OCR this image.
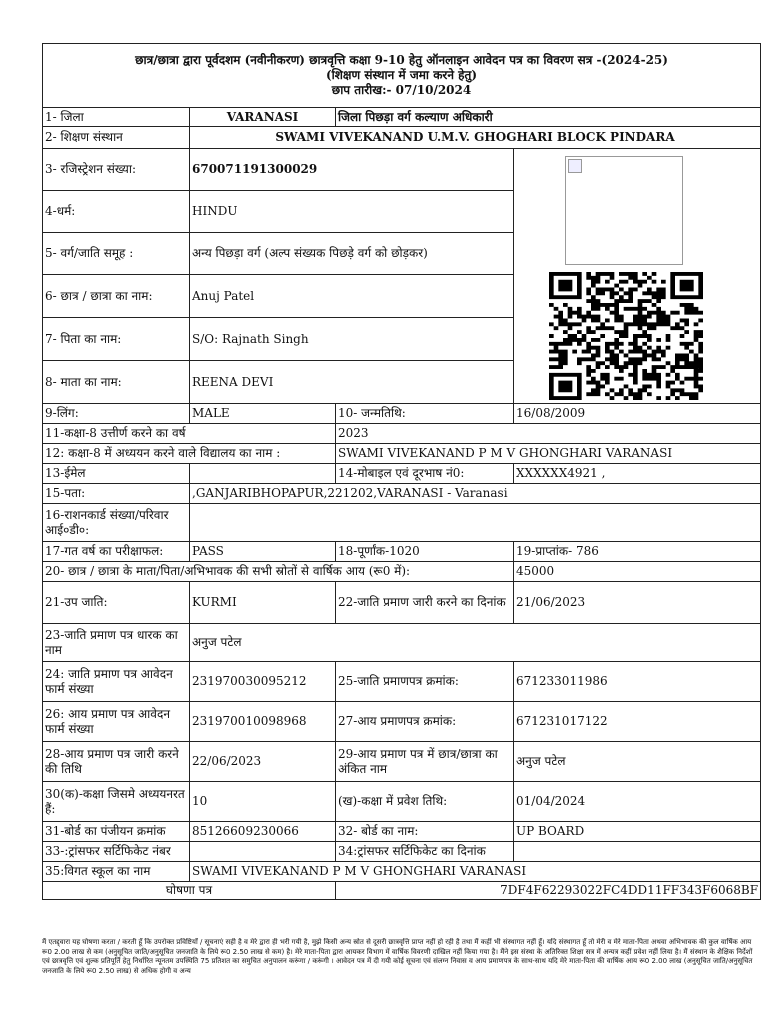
छात्र/छात्रा द्वारा पूर्वदशम (नवीनीकरण) छात्रवृत्ति कक्षा 9-10 हेतु ऑनलाइन आवेदन पत्र का विवरण सत्र -(2024-25)
(शिक्षण संस्थान में जमा करने हेतु)
छाप तारीख:- 07/10/2024			

1- जिला	VARANASI	जिला पिछड़ा वर्ग कल्याण अधिकारी	
2- शिक्षण संस्थान	SWAMI VIVEKANAND U.M.V. GHOGHARI BLOCK PINDARA		
3- रजिस्ट्रेशन संख्या:	670071191300029	

4-धर्म:	HINDU		
5- वर्ग/जाति समूह :	अन्य पिछड़ा वर्ग (अल्प संख्यक पिछड़े वर्ग को छोड़कर)		
6- छात्र / छात्रा का नाम:	Anuj Patel		
7- पिता का नाम:	S/O: Rajnath Singh		
8- माता का नाम:	REENA DEVI		
9-लिंग:	MALE	10- जन्मतिथि:	16/08/2009
11-कक्षा-8 उत्तीर्ण करने का वर्ष		2023	
12: कक्षा-8 में अध्ययन करने वाले विद्यालय का नाम :		SWAMI VIVEKANAND P M V GHONGHARI VARANASI	
13-ईमेल		14-मोबाइल एवं दूरभाष नं0:	XXXXXX4921 ,
15-पता:	,GANJARIBHOPAPUR,221202,VARANASI - Varanasi		
16-राशनकार्ड संख्या/परिवार आई०डी०:			
17-गत वर्ष का परीक्षाफल:	PASS	18-पूर्णांक-1020	19-प्राप्तांक- 786
20- छात्र / छात्रा के माता/पिता/अभिभावक की सभी स्रोतों से वार्षिक आय (रू0 में):			45000
21-उप जाति:	KURMI	22-जाति प्रमाण जारी करने का दिनांक	21/06/2023
23-जाति प्रमाण पत्र धारक का नाम	अनुज पटेल		
24: जाति प्रमाण पत्र आवेदन फार्म संख्या	231970030095212	25-जाति प्रमाणपत्र क्रमांक:	671233011986
26: आय प्रमाण पत्र आवेदन फार्म संख्या	231970010098968	27-आय प्रमाणपत्र क्रमांक:	671231017122
28-आय प्रमाण पत्र जारी करने की तिथि	22/06/2023	29-आय प्रमाण पत्र में छात्र/छात्रा का अंकित नाम	अनुज पटेल
30(क)-कक्षा जिसमे अध्ययनरत हैं:	10	(ख)-कक्षा में प्रवेश तिथि:	01/04/2024
31-बोर्ड का पंजीयन क्रमांक	85126609230066	32- बोर्ड का नाम:	UP BOARD
33-:ट्रांसफर सर्टिफिकेट नंबर		34:ट्रांसफर सर्टिफिकेट का दिनांक	
35:विगत स्कूल का नाम	SWAMI VIVEKANAND P M V GHONGHARI VARANASI		
घोषणा पत्र		7DF4F62293022FC4DD11FF343F6068BF	
मैं एतद्द्वारा यह घोषणा करता / करती हूँ कि उपरोक्त प्रविष्टियाँ / सूचनाएं सही है व मेरे द्वारा ही भरी गयी है, मुझे किसी अन्य स्रोत से दूसरी छात्रवृत्ति प्राप्त नहीं हो रही है तथा मैं कहीं भी संस्थागत नहीं हूँ। यदि संस्थागत हूँ तो मेरी व मेरे माता-पिता अथवा अभिभावक की कुल वार्षिक आय रू0 2.00 लाख से कम (अनुसूचित जाति/अनुसूचित जनजाति के लिये रू0 2.50 लाख से कम) है। मेरे माता-पिता द्वारा आयकर विभाग में वार्षिक विवरणी दाखिल नहीं किया गया है। मैंने इस संस्था के अतिरिक्त शिक्षा सत्र में अन्यत्र कहीं प्रवेश नहीं लिया है। मैं संस्थान के शैक्षिक निर्देशों एवं छात्रवृत्ति एवं शुल्क प्रतिपूर्ति हेतु निर्धारित न्यूनतम उपस्थिति 75 प्रतिशत का समुचित अनुपालन करूंगा / करूंगी । आवेदन पत्र में दी गयी कोई सूचना एवं संलग्न निवास व आय प्रमाणपत्र के साथ-साथ यदि मेरे माता-पिता की वार्षिक आय रू0 2.00 लाख (अनुसूचित जाति/अनुसूचित जनजाति के लिये रू0 2.50 लाख) से अधिक होगी व अन्य
